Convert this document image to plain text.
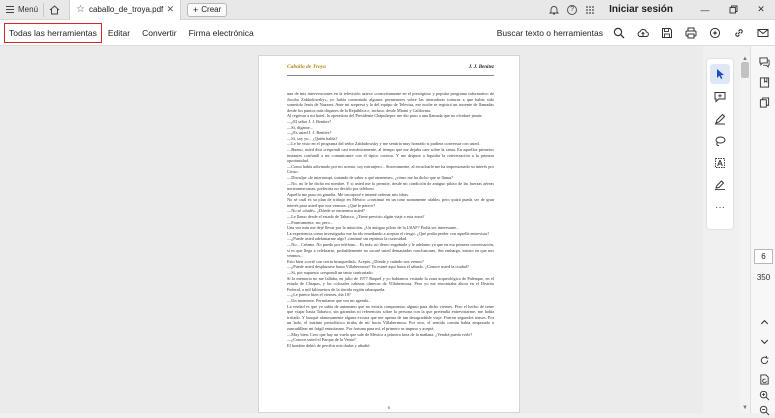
Menú	☆ caballo_de_troya.pdf ✕ + Crear	?	Iniciar sesión	—	✕
Todas las herramientas	Editar	Convertir	Firma electrónica	Buscar texto o herramientas
Caballo de Troya	J. J. Benítez

una de mis intervenciones en la televisión azteca «concretamente en el prestigioso y popular programa informativo de Jacobo Zabludowsky», yo había comentado algunos pormenores sobre las aterradoras torturas a que había sido sometido Jesús de Nazaret. Ante mi sorpresa y la del equipo de Televisa, ese noche se registró un torrente de llamadas desde los puntos más dispares de la República e, incluso, desde Miami y California.

Al regresar a mi hotel, la operadora del Presidente Chapultepec me dio paso a una llamada que no olvidaré jamás.

—¿El señor J. J. Benítez?

—Sí, dígame...

—¿Es usted J. J. Benítez?

—Sí, soy yo... ¿Quién habla?

—Le he visto en el programa del señor Zabludowsky y me sentiría muy honrado si pudiera conversar con usted.

—Bueno, usted dirá «respondí casi mecánicamente, al tiempo que me dejaba caer sobre la cama. En aquellos primeros instantes confundí a mi comunicante con el típico curioso. Y me dispuse a liquidar la conversación a la primera oportunidad.

—Como había adivinado por mi acento, soy extranjero... Sinceramente, al escucharle me ha impresionado su interés por Cristo.

—Disculpe «le interrumpí, tratando de saber a qué atenerme», ¿cómo me ha dicho que se llama?

—No, no le he dicho mi nombre. Y si usted me lo permite, desde mi condición de antiguo piloto de las fuerzas aéreas norteamericanas, preferiría no decirlo por teléfono.

Aquello me puso en guardia. Me incorporé e intenté ordenar mis ideas.

No sé cuál es su plan de trabajo en México «continuó en un tono sumamente afable» pero quizá pueda ser de gran interés para usted que nos veamos. ¿Qué le parece?

—No sé «dudé». ¿Dónde se encuentra usted?

—Le llamo desde el estado de Tabasco. ¿Tiene previsto algún viaje a esta zona?

—Francamente, no; pero...

Una vez más me dejé llevar por la intuición. ¿Un antiguo piloto de la USAF? Podía ser interesante...

La experiencia como investigador me ha ido enseñando a aceptar el riesgo. ¿Qué podía perder con aquella entrevista?

—¿Puede usted adelantarme algo? «insinué sin reprimir la curiosidad.

—No... Créame. No puedo por teléfono... Es más: no deseo engañarle y le adelanto ya que en esa primera conversación, si es que llega a celebrarse, probablemente no sacaré usted demasiadas conclusiones. Sin embargo, insisto en que nos veamos...

Esto bien «corté con cierta brusquedad». Acepto. ¿Dónde y cuándo nos vemos?

—¿Puede usted desplazarse hasta Villahermosa? Yo estaré aquí hasta el sábado. ¿Conoce usted la ciudad?

—Sí, por supuesto «respondí un tanto contrariado.

Si la memoria no me fallaba, en julio de 1977 Raquel y yo habíamos visitado la zona arqueológica de Palenque, en el estado de Chiapas, y las colosales cabezas olmecas de Villahermosa. Pero yo me encontraba ahora en el Distrito Federal, a mil kilómetros de la tórrida región tabasqueña.

—¿Le parece bien el viernes, día 18?

—Un momento. Permítame que vea mi agenda...

La verdad es que yo sabía de antemano que no existía compromiso alguno para dicho viernes. Pero el hecho de tener que viajar hasta Tabasco, sin garantías ni referencias sobre la persona con la que pretendía entrevistarme, me había irritado. Y busqué afanosamente alguna excusa que me apeara de tan desagradable viaje. Fueron segundos tensos. Por un lado, el instinto periodístico tiraba de mí hacia Villahermosa. Por otro, el sentido común había empezado a zancadillear mi frágil entusiasmo. Por fortuna para mí, el primero se impuso y acepté.

—Muy bien. Creo que hay un vuelo que sale de México a primera hora de la mañana. ¿Vendrá pueda verle?

—¿Conoce usted el Parque de la Venta?

El hombre debió de percibir mis dudas y añadió:

6
···
▲
▼
6
350
